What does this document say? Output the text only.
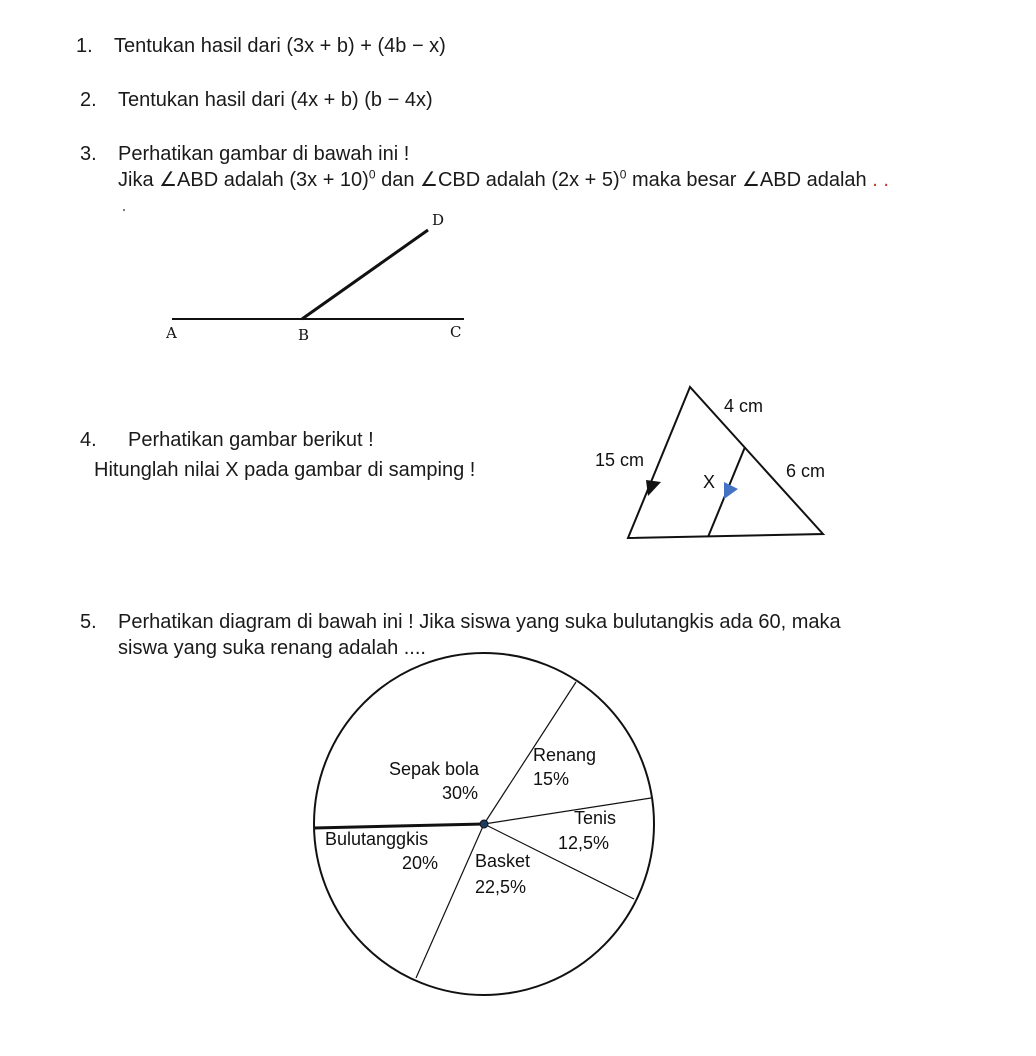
1. Tentukan hasil dari (3x + b) + (4b − x)
2. Tentukan hasil dari (4x + b) (b − 4x)
3. Perhatikan gambar di bawah ini !
Jika ∠ABD adalah $(3x + 10)^0$ dan ∠CBD adalah $(2x + 5)^0$ maka besar ∠ABD adalah . .
4. Perhatikan gambar berikut !
Hitunglah nilai X pada gambar di samping !
5. Perhatikan diagram di bawah ini ! Jika siswa yang suka bulutangkis ada 60, maka
siswa yang suka renang adalah ....
A	B	C
D
4 cm
15 cm
6 cm
X
Sepak bola
30%
Renang
15%
Tenis
12,5%
Basket
22,5%
Bulutanggkis
20%
